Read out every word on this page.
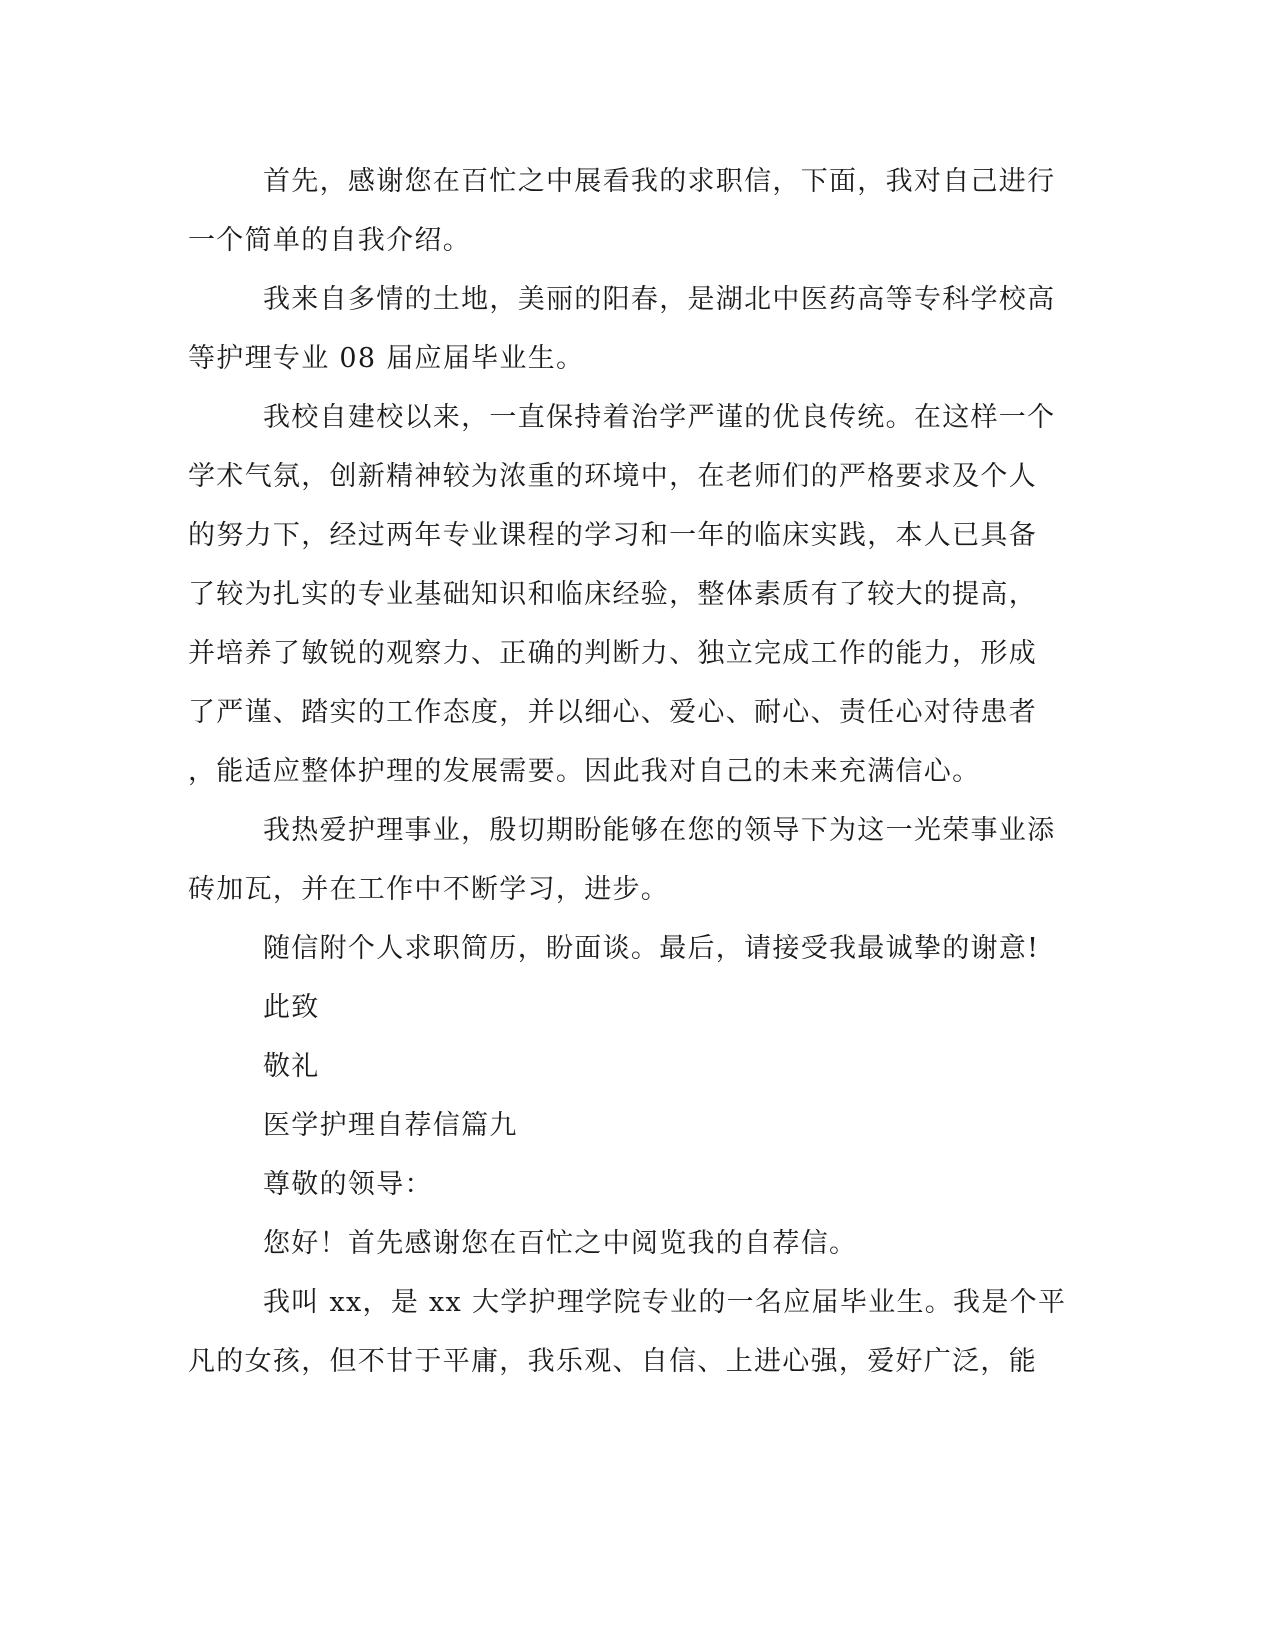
首先，感谢您在百忙之中展看我的求职信，下面，我对自己进行
一个简单的自我介绍。
我来自多情的土地，美丽的阳春，是湖北中医药高等专科学校高
等护理专业 08 届应届毕业生。
我校自建校以来，一直保持着治学严谨的优良传统。在这样一个
学术气氛，创新精神较为浓重的环境中，在老师们的严格要求及个人
的努力下，经过两年专业课程的学习和一年的临床实践，本人已具备
了较为扎实的专业基础知识和临床经验，整体素质有了较大的提高，
并培养了敏锐的观察力、正确的判断力、独立完成工作的能力，形成
了严谨、踏实的工作态度，并以细心、爱心、耐心、责任心对待患者
，能适应整体护理的发展需要。因此我对自己的未来充满信心。
我热爱护理事业，殷切期盼能够在您的领导下为这一光荣事业添
砖加瓦，并在工作中不断学习，进步。
随信附个人求职简历，盼面谈。最后，请接受我最诚挚的谢意!
此致
敬礼
医学护理自荐信篇九
尊敬的领导：
您好！首先感谢您在百忙之中阅览我的自荐信。
我叫 xx，是 xx 大学护理学院专业的一名应届毕业生。我是个平
凡的女孩，但不甘于平庸，我乐观、自信、上进心强，爱好广泛，能
